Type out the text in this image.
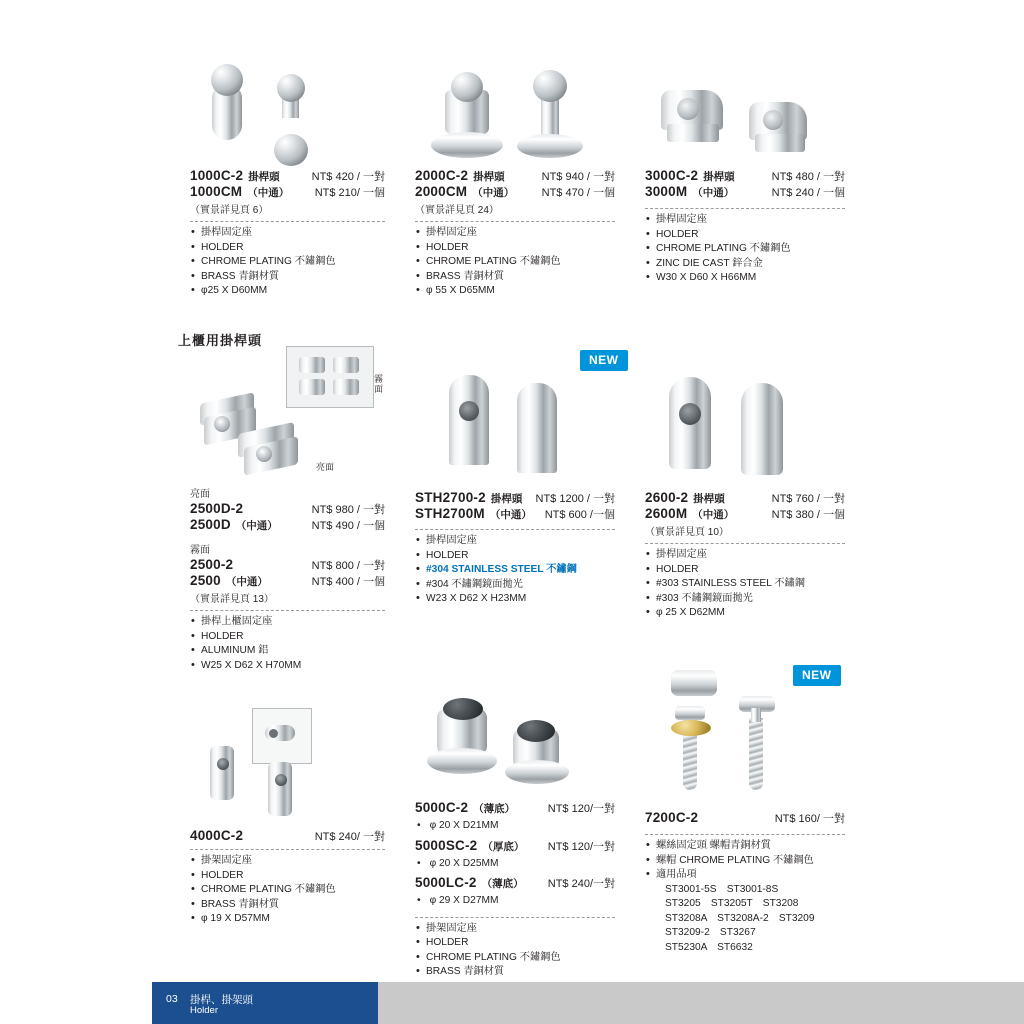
1000C-2 掛桿頭	NT$ 420 / 一對
1000CM （中通） NT$ 210/ 一個
（實景詳見頁 6）
• 掛桿固定座
• HOLDER
• CHROME PLATING 不鏽鋼色
• BRASS 青銅材質
• φ25 X D60MM
2000C-2 掛桿頭	NT$ 940 / 一對
2000CM （中通） NT$ 470 / 一個
（實景詳見頁 24）
• 掛桿固定座
• HOLDER
• CHROME PLATING 不鏽鋼色
• BRASS 青銅材質
• φ 55 X D65MM
3000C-2 掛桿頭	NT$ 480 / 一對
3000M （中通）	NT$ 240 / 一個
• 掛桿固定座
• HOLDER
• CHROME PLATING 不鏽鋼色
• ZINC DIE CAST 鋅合金
• W30 X D60 X H66MM
上櫃用掛桿頭
霧面
亮面
亮面
2500D-2	NT$ 980 / 一對
2500D （中通）	NT$ 490 / 一個
霧面
2500-2	NT$ 800 / 一對
2500 （中通）	NT$ 400 / 一個
（實景詳見頁 13）
• 掛桿上櫃固定座
• HOLDER
• ALUMINUM 鋁
• W25 X D62 X H70MM
NEW
STH2700-2 掛桿頭 NT$ 1200 / 一對
STH2700M （中通） NT$ 600 /一個
• 掛桿固定座
• HOLDER
• #304 STAINLESS STEEL 不鏽鋼
• #304 不鏽鋼鏡面拋光
• W23 X D62 X H23MM
2600-2 掛桿頭	NT$ 760 / 一對
2600M （中通）	NT$ 380 / 一個
（實景詳見頁 10）
• 掛桿固定座
• HOLDER
• #303 STAINLESS STEEL 不鏽鋼
• #303 不鏽鋼鏡面拋光
• φ 25 X D62MM
4000C-2	NT$ 240/ 一對
• 掛架固定座
• HOLDER
• CHROME PLATING 不鏽鋼色
• BRASS 青銅材質
• φ 19 X D57MM
5000C-2 （薄底）	NT$ 120/一對
• φ 20 X D21MM
5000SC-2 （厚底） NT$ 120/一對
• φ 20 X D25MM
5000LC-2 （薄底） NT$ 240/一對
• φ 29 X D27MM
• 掛架固定座
• HOLDER
• CHROME PLATING 不鏽鋼色
• BRASS 青銅材質
NEW
7200C-2	NT$ 160/ 一對
• 螺絲固定頭 螺帽青銅材質
• 螺帽 CHROME PLATING 不鏽鋼色
• 適用品項
ST3001-5S　ST3001-8S
ST3205　ST3205T　ST3208
ST3208A　ST3208A-2　ST3209
ST3209-2　ST3267
ST5230A　ST6632
03 掛桿、掛架頭
Holder
